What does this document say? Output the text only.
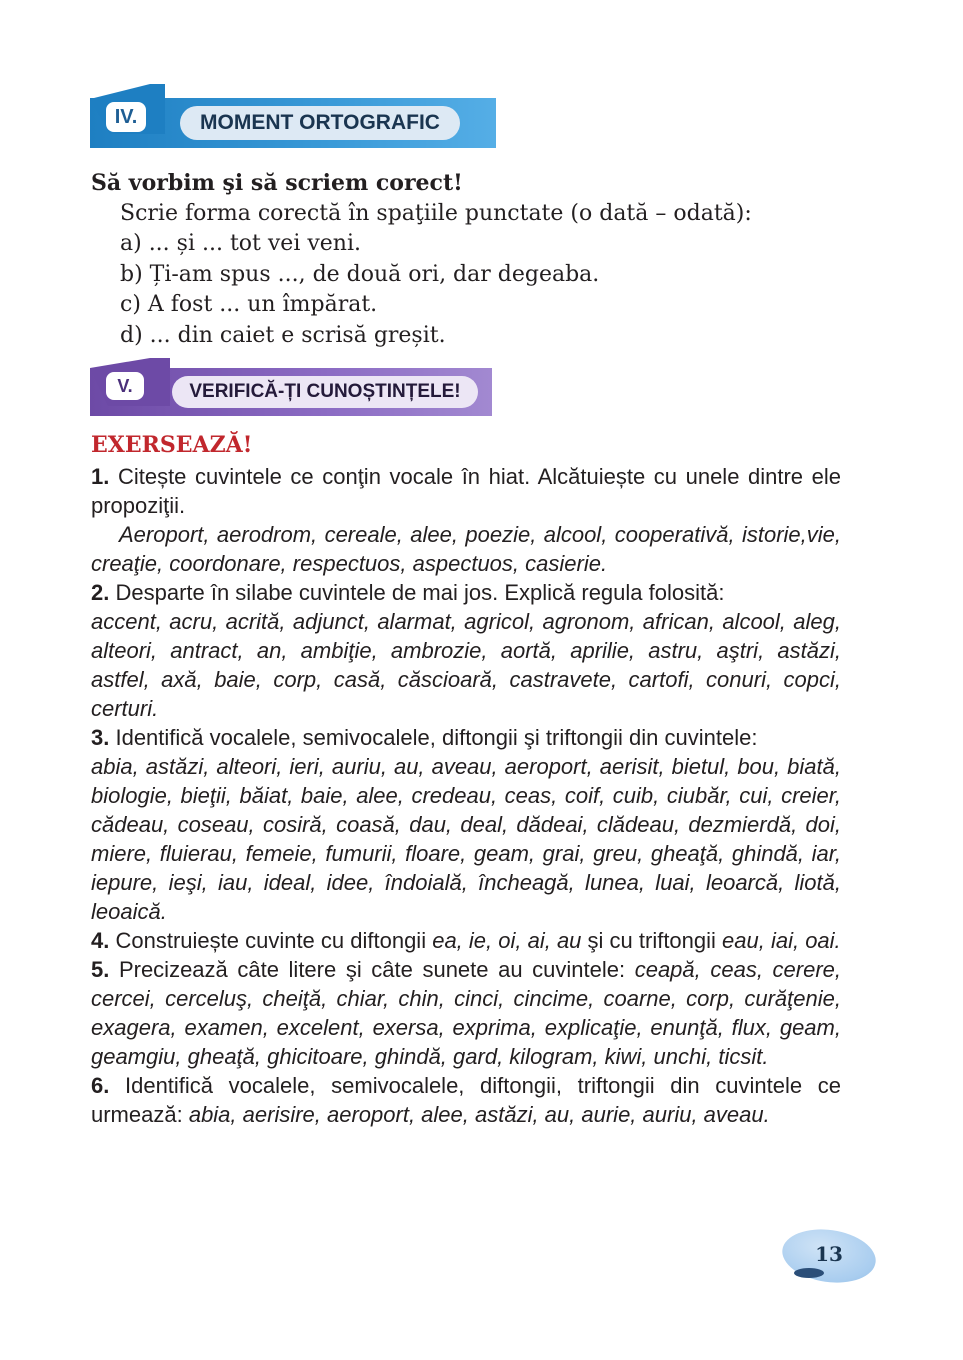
IV.	MOMENT ORTOGRAFIC
Să vorbim şi să scriem corect!
Scrie forma corectă în spaţiile punctate (o dată – odată):
a) ... și ... tot vei veni.
b) Ți-am spus ..., de două ori, dar degeaba.
c) A fost ... un împărat.
d) ... din caiet e scrisă greșit.
V.	VERIFICĂ-ȚI CUNOȘTINȚELE!
EXERSEAZĂ!

1. Citește cuvintele ce conţin vocale în hiat. Alcătuiește cu unele dintre ele propoziţii.

Aeroport, aerodrom, cereale, alee, poezie, alcool, cooperativă, istorie,vie, creaţie, coordonare, respectuos, aspectuos, casierie.

2. Desparte în silabe cuvintele de mai jos. Explică regula folosită:

accent, acru, acrită, adjunct, alarmat, agricol, agronom, african, alcool, aleg, alteori, antract, an, ambiţie, ambrozie, aortă, aprilie, astru, aştri, astăzi, astfel, axă, baie, corp, casă, căscioară, castravete, cartofi, conuri, copci, certuri.

3. Identifică vocalele, semivocalele, diftongii şi triftongii din cuvintele:

abia, astăzi, alteori, ieri, auriu, au, aveau, aeroport, aerisit, bietul, bou, biată, biologie, bieţii, băiat, baie, alee, credeau, ceas, coif, cuib, ciubăr, cui, creier, cădeau, coseau, cosiră, coasă, dau, deal, dădeai, clădeau, dezmierdă, doi, miere, fluierau, femeie, fumurii, floare, geam, grai, greu, gheaţă, ghindă, iar, iepure, ieşi, iau, ideal, idee, îndoială, încheagă, lunea, luai, leoarcă, liotă, leoaică.

4. Construiește cuvinte cu diftongii ea, ie, oi, ai, au şi cu triftongii eau, iai, oai.

5. Precizează câte litere şi câte sunete au cuvintele: ceapă, ceas, cerere, cercei, cerceluş, cheiţă, chiar, chin, cinci, cincime, coarne, corp, curăţenie, exagera, examen, excelent, exersa, exprima, explicaţie, enunţă, flux, geam, geamgiu, gheaţă, ghicitoare, ghindă, gard, kilogram, kiwi, unchi, ticsit.

6. Identifică vocalele, semivocalele, diftongii, triftongii din cuvintele ce urmează: abia, aerisire, aeroport, alee, astăzi, au, aurie, auriu, aveau.

13
